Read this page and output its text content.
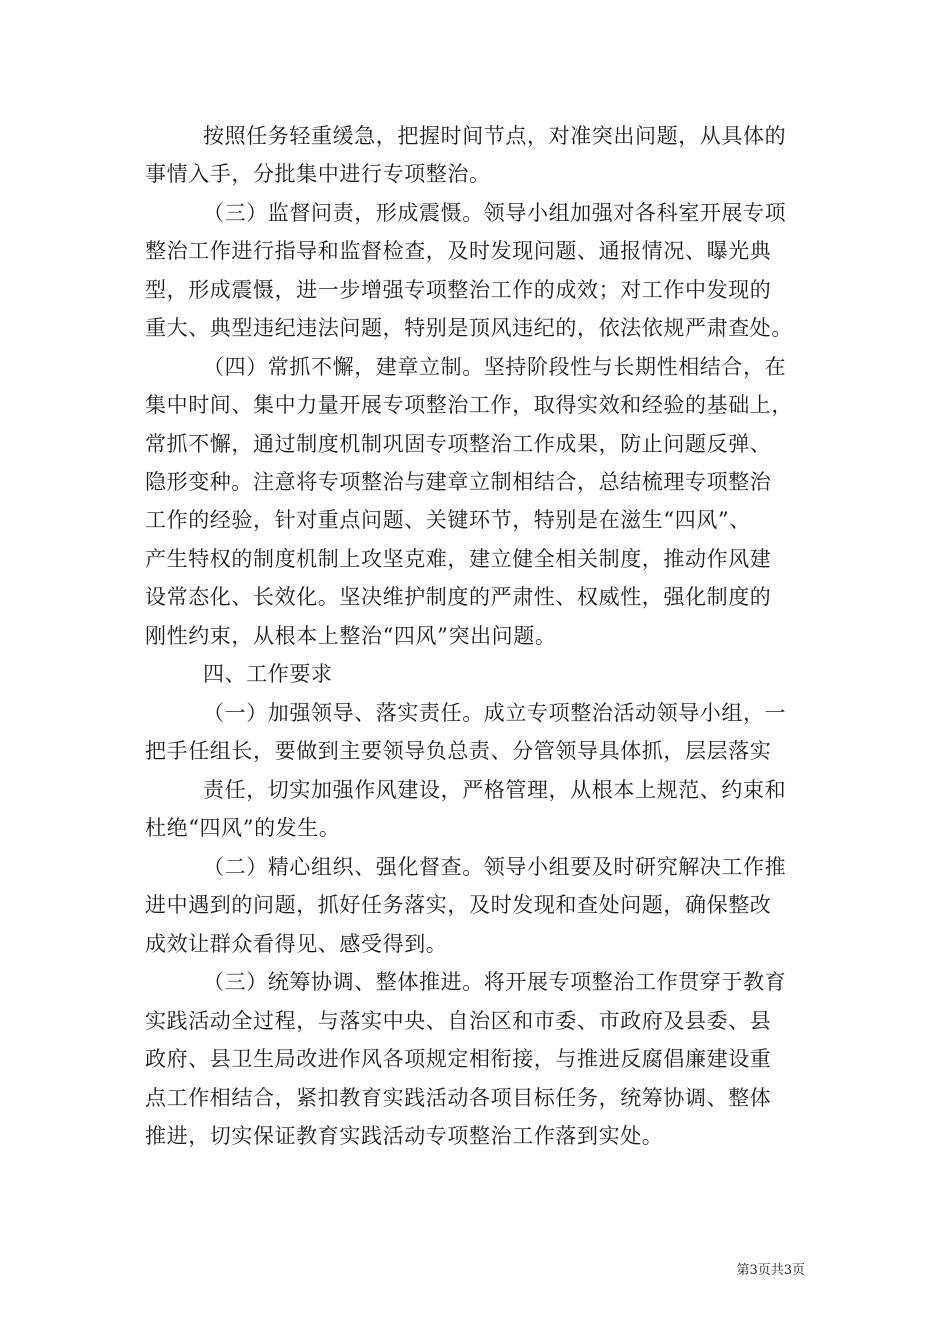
按照任务轻重缓急，把握时间节点，对准突出问题，从具体的
事情入手，分批集中进行专项整治。
（三）监督问责，形成震慑。领导小组加强对各科室开展专项
整治工作进行指导和监督检查，及时发现问题、通报情况、曝光典
型，形成震慑，进一步增强专项整治工作的成效；对工作中发现的
重大、典型违纪违法问题，特别是顶风违纪的，依法依规严肃查处。
（四）常抓不懈，建章立制。坚持阶段性与长期性相结合，在
集中时间、集中力量开展专项整治工作，取得实效和经验的基础上，
常抓不懈，通过制度机制巩固专项整治工作成果，防止问题反弹、
隐形变种。注意将专项整治与建章立制相结合，总结梳理专项整治
工作的经验，针对重点问题、关键环节，特别是在滋生“四风”、
产生特权的制度机制上攻坚克难，建立健全相关制度，推动作风建
设常态化、长效化。坚决维护制度的严肃性、权威性，强化制度的
刚性约束，从根本上整治“四风”突出问题。
四、工作要求
（一）加强领导、落实责任。成立专项整治活动领导小组，一
把手任组长，要做到主要领导负总责、分管领导具体抓，层层落实
责任，切实加强作风建设，严格管理，从根本上规范、约束和
杜绝“四风”的发生。
（二）精心组织、强化督查。领导小组要及时研究解决工作推
进中遇到的问题，抓好任务落实，及时发现和查处问题，确保整改
成效让群众看得见、感受得到。
（三）统筹协调、整体推进。将开展专项整治工作贯穿于教育
实践活动全过程，与落实中央、自治区和市委、市政府及县委、县
政府、县卫生局改进作风各项规定相衔接，与推进反腐倡廉建设重
点工作相结合，紧扣教育实践活动各项目标任务，统筹协调、整体
推进，切实保证教育实践活动专项整治工作落到实处。
第3页共3页
